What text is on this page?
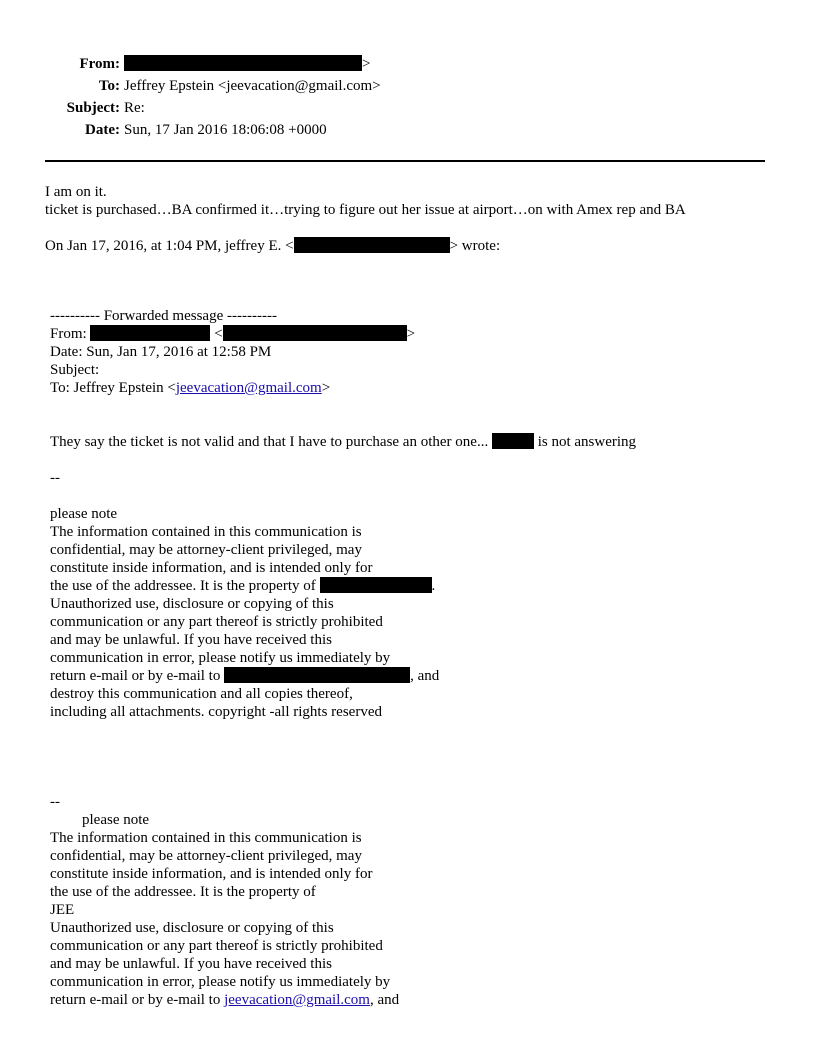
From:	>
To: Jeffrey Epstein <jeevacation@gmail.com>
Subject: Re:
Date: Sun, 17 Jan 2016 18:06:08 +0000
I am on it.
ticket is purchased…BA confirmed it…trying to figure out her issue at airport…on with Amex rep and BA
On Jan 17, 2016, at 1:04 PM, jeffrey E. <	> wrote:
---------- Forwarded message ----------
From:	<	>
Date: Sun, Jan 17, 2016 at 12:58 PM
Subject:
To: Jeffrey Epstein <jeevacation@gmail.com>
They say the ticket is not valid and that I have to purchase an other one...	is not answering
--
please note
The information contained in this communication is
confidential, may be attorney-client privileged, may
constitute inside information, and is intended only for
the use of the addressee. It is the property of	.
Unauthorized use, disclosure or copying of this
communication or any part thereof is strictly prohibited
and may be unlawful. If you have received this
communication in error, please notify us immediately by
return e-mail or by e-mail to	, and
destroy this communication and all copies thereof,
including all attachments. copyright -all rights reserved
--
please note
The information contained in this communication is
confidential, may be attorney-client privileged, may
constitute inside information, and is intended only for
the use of the addressee. It is the property of
JEE
Unauthorized use, disclosure or copying of this
communication or any part thereof is strictly prohibited
and may be unlawful. If you have received this
communication in error, please notify us immediately by
return e-mail or by e-mail to jeevacation@gmail.com, and
